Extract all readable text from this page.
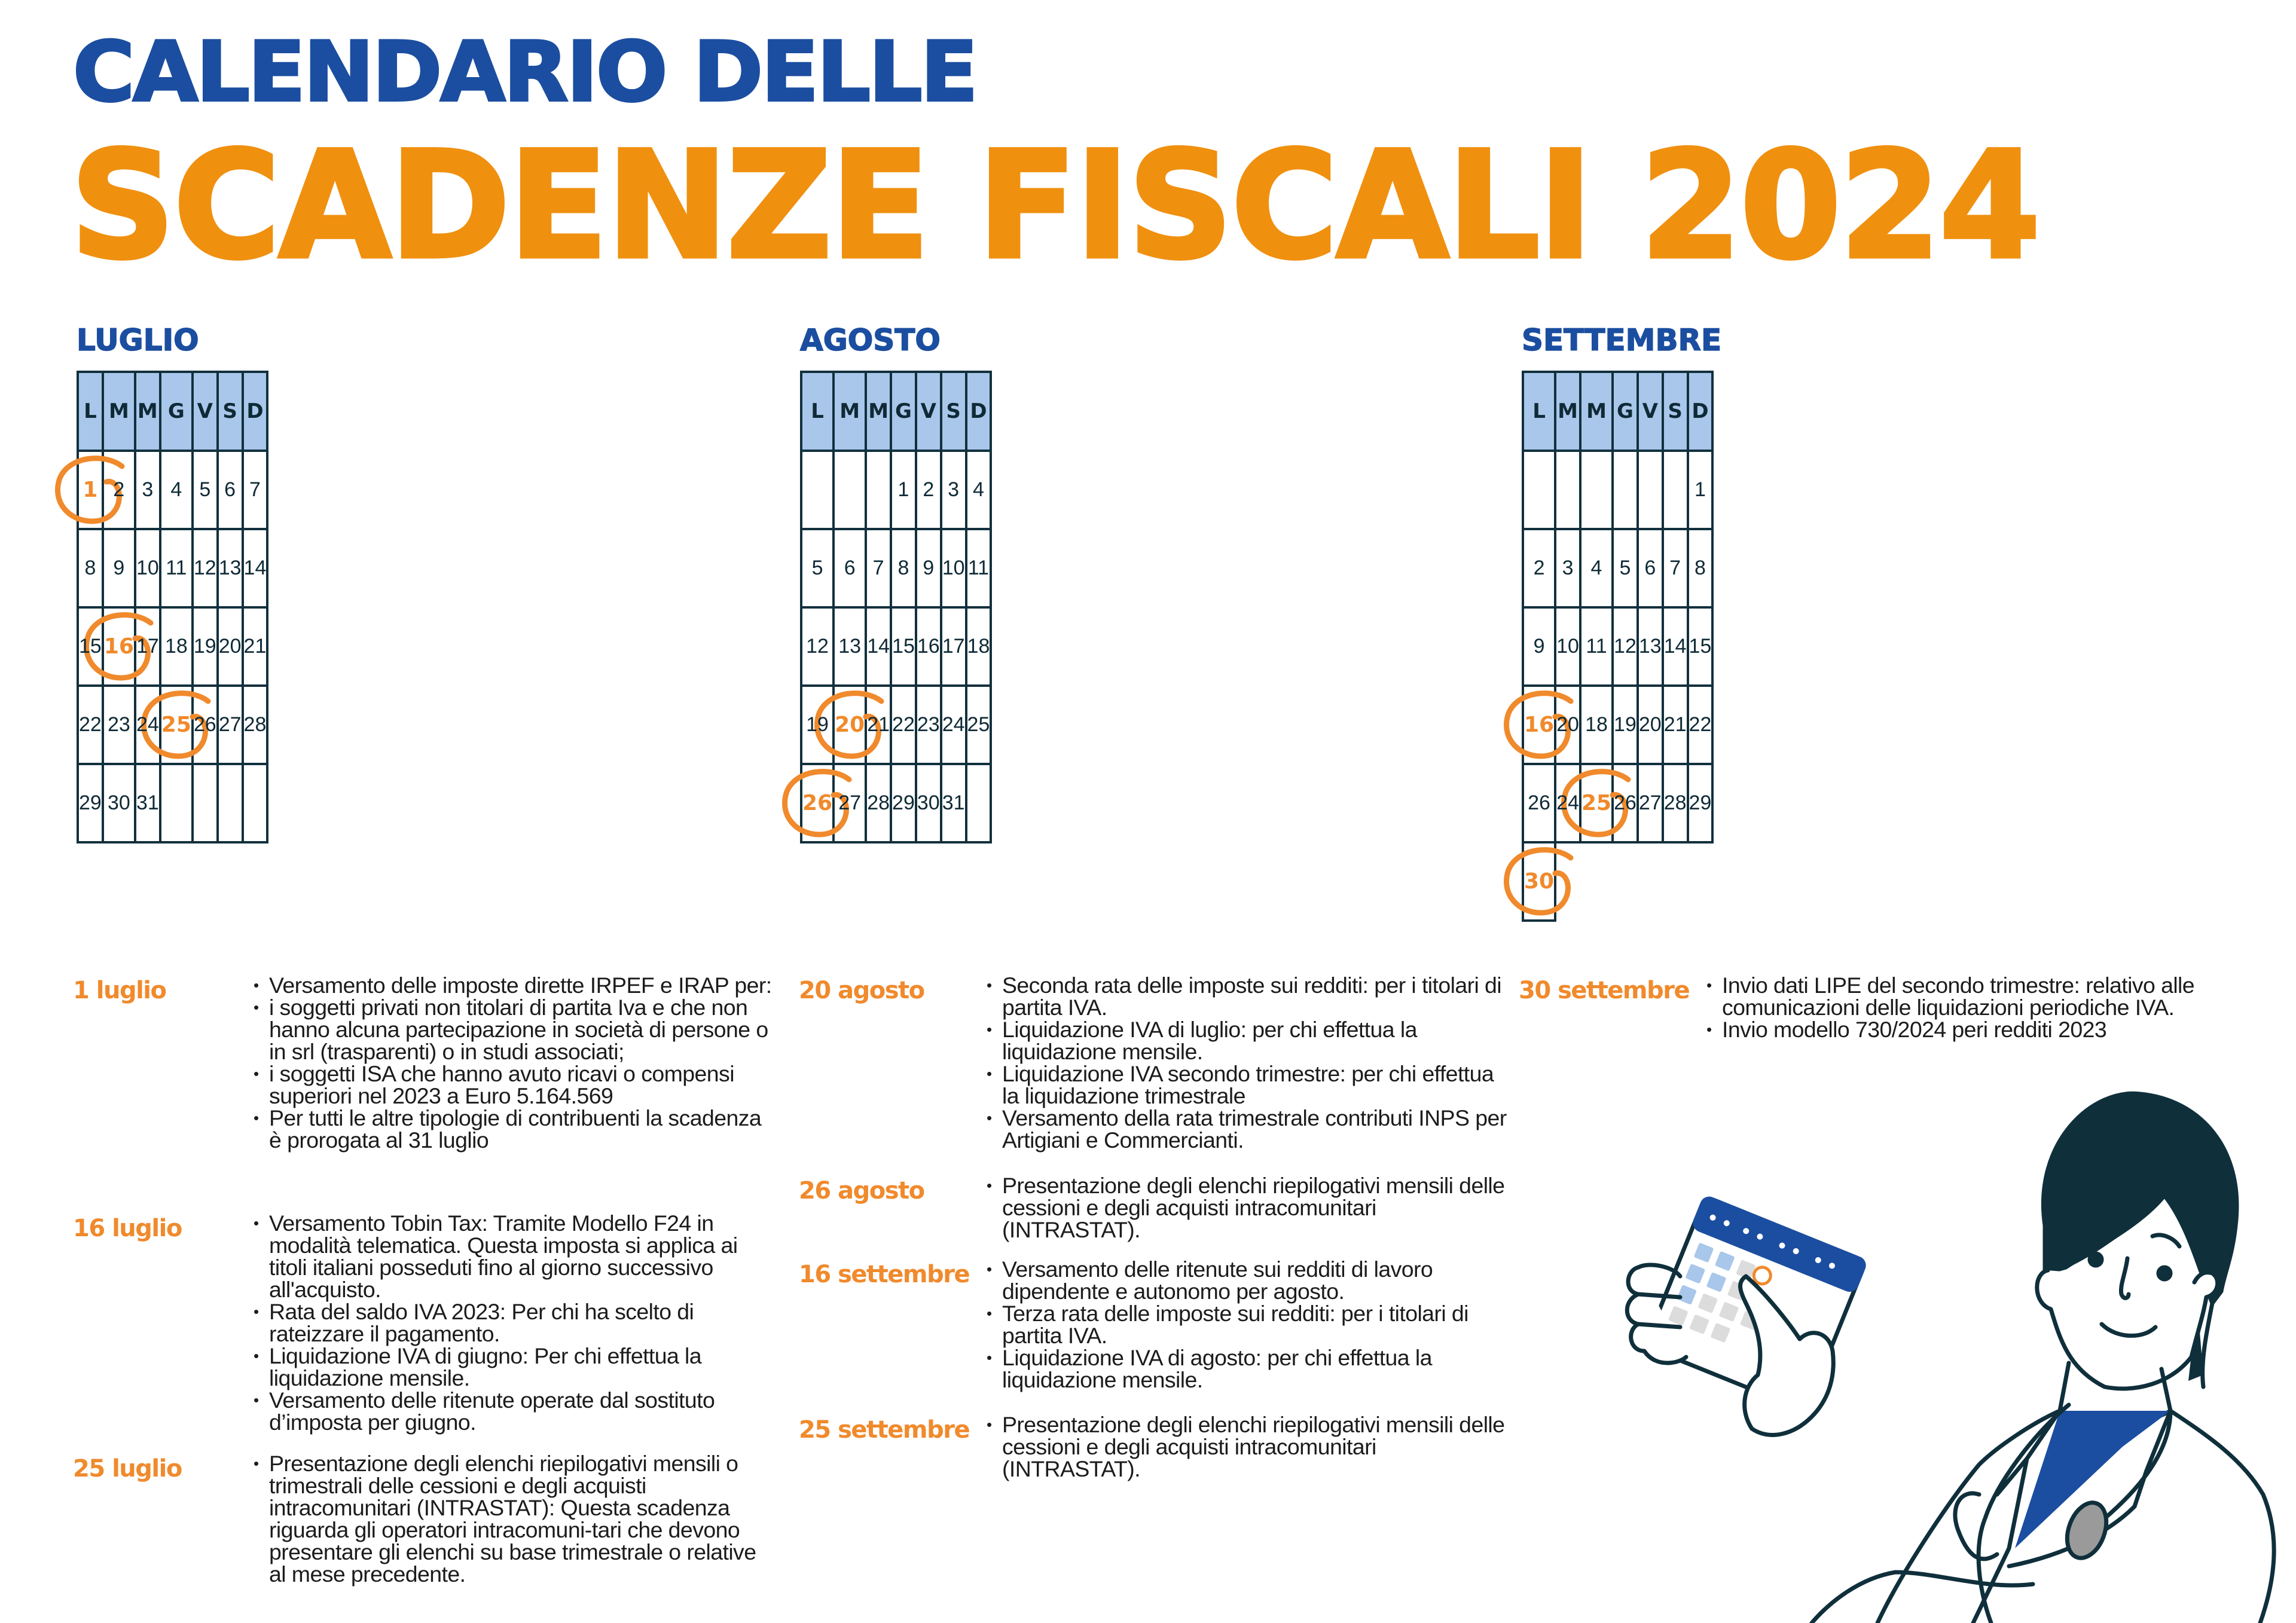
CALENDARIO DELLE
SCADENZE FISCALI 2024
LUGLIO
L	M	M	G	V	S	D

1	2	3	4	5	6	7
8	9	10	11	12	13	14
15	16	17	18	19	20	21
22	23	24	25	26	27	28
29	30	31				
AGOSTO
L	M	M	G	V	S	D
			1	2	3	4
5	6	7	8	9	10	11
12	13	14	15	16	17	18
19	20	21	22	23	24	25

26	27	28	29	30	31	
SETTEMBRE
L	M	M	G	V	S	D
						1
2	3	4	5	6	7	8
9	10	11	12	13	14	15

16	20	18	19	20	21	22
26	24	25	26	27	28	29

30						
1 luglio	• Versamento delle imposte dirette IRPEF e IRAP per:
• i soggetti privati non titolari di partita Iva e che non hanno alcuna partecipazione in società di persone o in srl (trasparenti) o in studi associati;
• i soggetti ISA che hanno avuto ricavi o compensi superiori nel 2023 a Euro 5.164.569
• Per tutti le altre tipologie di contribuenti la scadenza è prorogata al 31 luglio
16 luglio	• Versamento Tobin Tax: Tramite Modello F24 in modalità telematica. Questa imposta si applica ai titoli italiani posseduti fino al giorno successivo all'acquisto.
• Rata del saldo IVA 2023: Per chi ha scelto di rateizzare il pagamento.
• Liquidazione IVA di giugno: Per chi effettua la liquidazione mensile.
• Versamento delle ritenute operate dal sostituto d’imposta per giugno.
25 luglio	• Presentazione degli elenchi riepilogativi mensili o trimestrali delle cessioni e degli acquisti intracomunitari (INTRASTAT): Questa scadenza riguarda gli operatori intracomuni-tari che devono presentare gli elenchi su base trimestrale o relative al mese precedente.
20 agosto	• Seconda rata delle imposte sui redditi: per i titolari di partita IVA.
• Liquidazione IVA di luglio: per chi effettua la liquidazione mensile.
• Liquidazione IVA secondo trimestre: per chi effettua la liquidazione trimestrale
• Versamento della rata trimestrale contributi INPS per Artigiani e Commercianti.
26 agosto	• Presentazione degli elenchi riepilogativi mensili delle cessioni e degli acquisti intracomunitari (INTRASTAT).
16 settembre	• Versamento delle ritenute sui redditi di lavoro dipendente e autonomo per agosto.
• Terza rata delle imposte sui redditi: per i titolari di partita IVA.
• Liquidazione IVA di agosto: per chi effettua la liquidazione mensile.
25 settembre	• Presentazione degli elenchi riepilogativi mensili delle cessioni e degli acquisti intracomunitari (INTRASTAT).
30 settembre	• Invio dati LIPE del secondo trimestre: relativo alle comunicazioni delle liquidazioni periodiche IVA.
• Invio modello 730/2024 peri redditi 2023
